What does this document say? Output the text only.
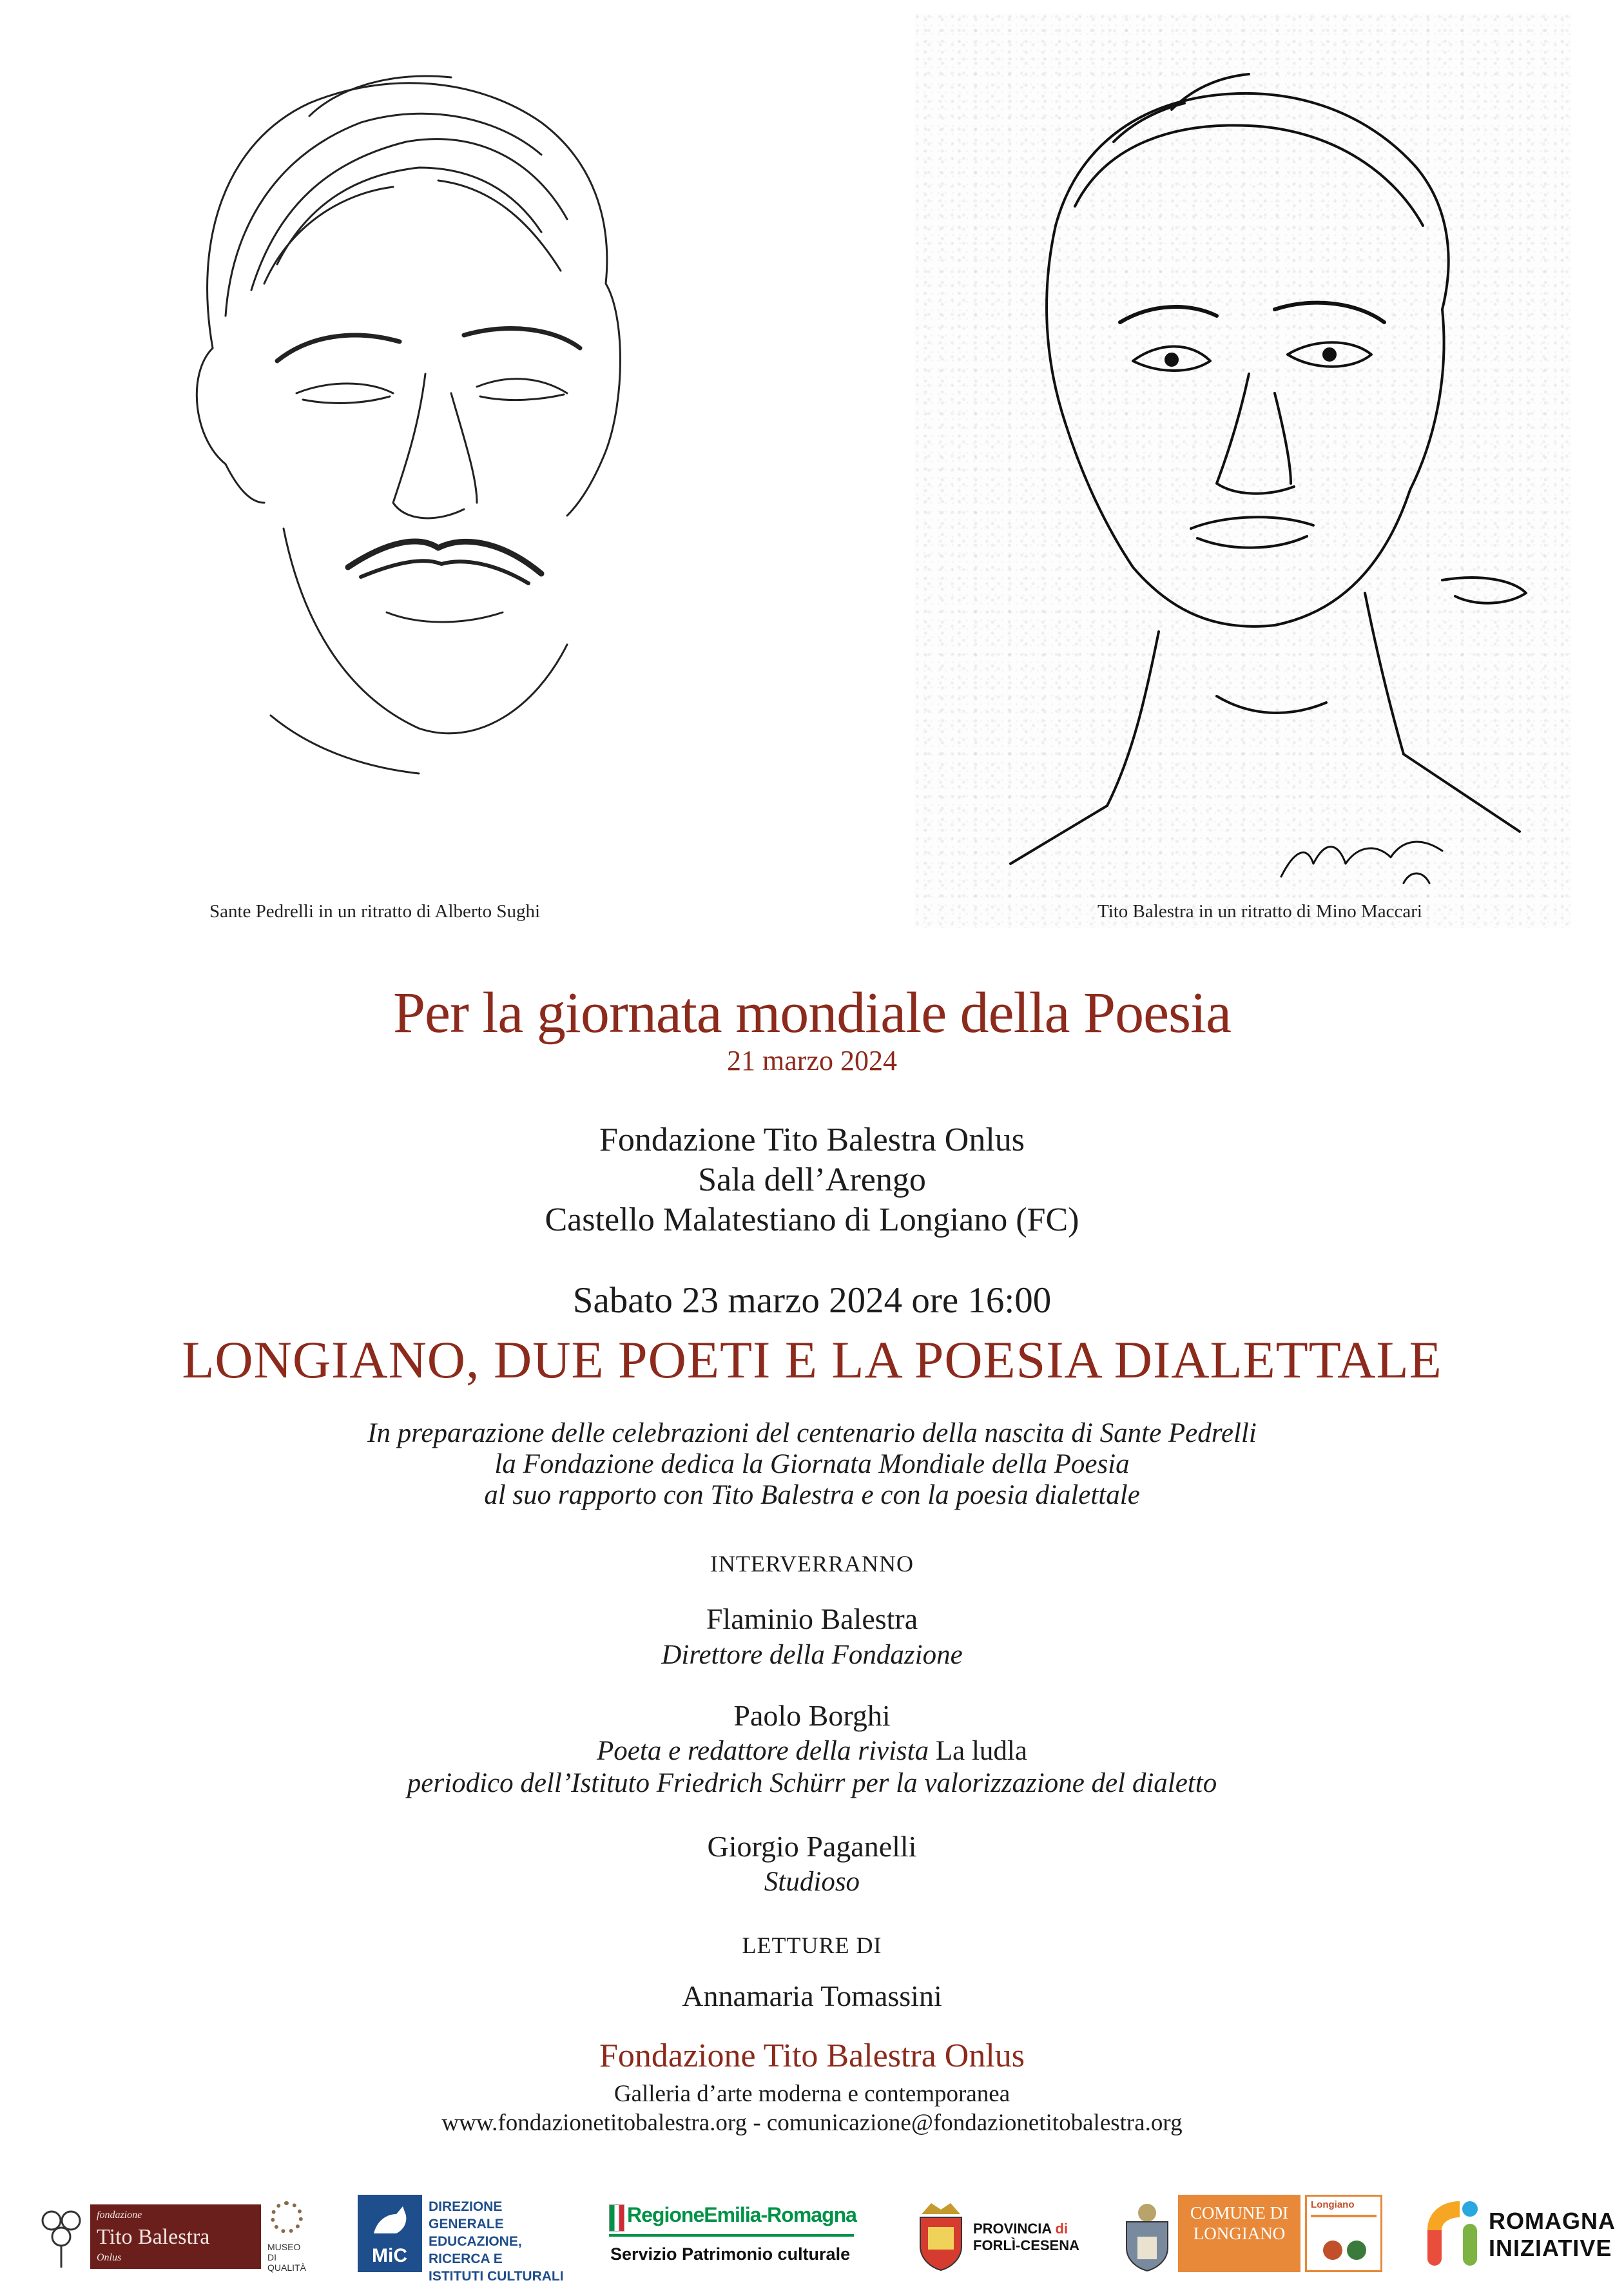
Sante Pedrelli in un ritratto di Alberto Sughi	Tito Balestra in un ritratto di Mino Maccari
Per la giornata mondiale della Poesia
21 marzo 2024
Fondazione Tito Balestra Onlus
Sala dell’Arengo
Castello Malatestiano di Longiano (FC)
Sabato 23 marzo 2024 ore 16:00
LONGIANO, DUE POETI E LA POESIA DIALETTALE
In preparazione delle celebrazioni del centenario della nascita di Sante Pedrelli
la Fondazione dedica la Giornata Mondiale della Poesia
al suo rapporto con Tito Balestra e con la poesia dialettale
INTERVERRANNO
Flaminio Balestra
Direttore della Fondazione
Paolo Borghi
Poeta e redattore della rivista La ludla
periodico dell’Istituto Friedrich Schürr per la valorizzazione del dialetto
Giorgio Paganelli
Studioso
LETTURE DI
Annamaria Tomassini
Fondazione Tito Balestra Onlus
Galleria d’arte moderna e contemporanea
www.fondazionetitobalestra.org - comunicazione@fondazionetitobalestra.org
fondazione
Tito Balestra
Onlus
MUSEO
DI QUALITÀ
MiC
DIREZIONE GENERALE
EDUCAZIONE,
RICERCA E
ISTITUTI CULTURALI
RegioneEmilia-Romagna
Servizio Patrimonio culturale
PROVINCIA di
FORLÌ-CESENA
COMUNE DI
LONGIANO
Longiano
ROMAGNA
INIZIATIVE
